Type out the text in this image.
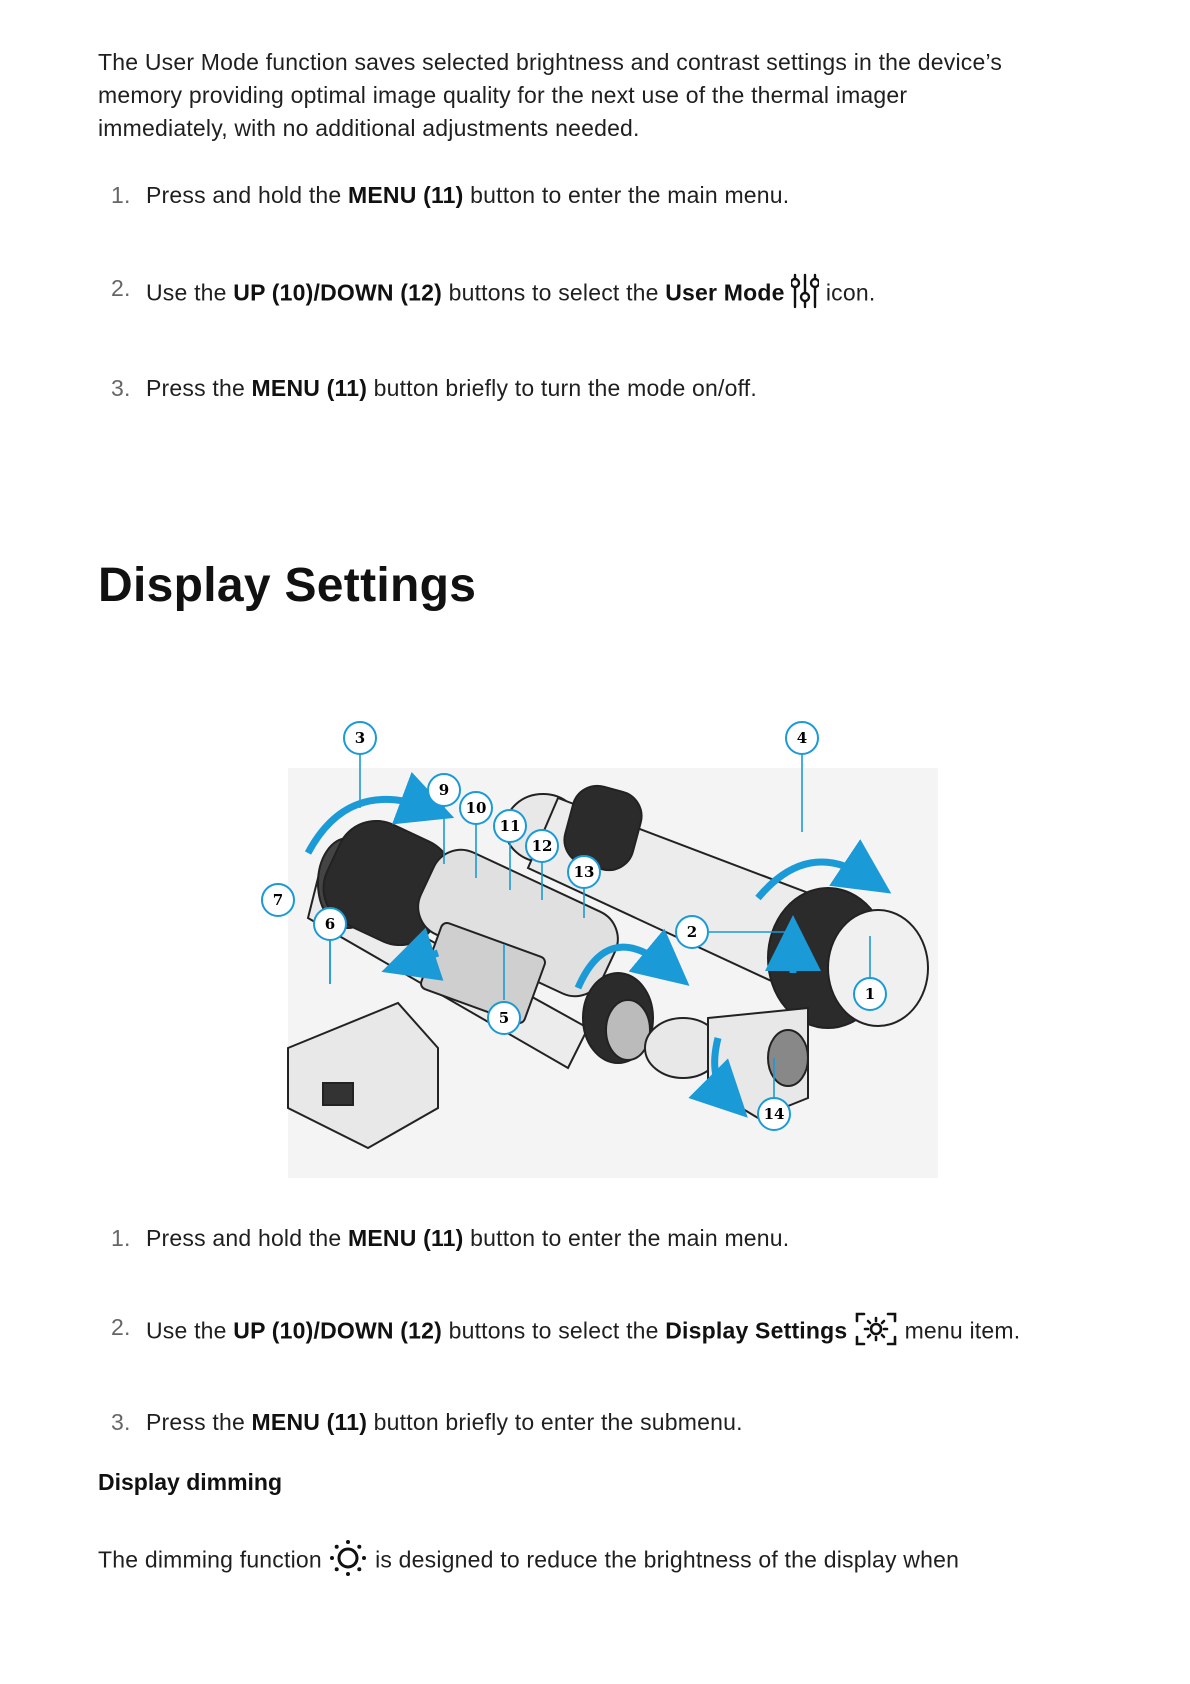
The User Mode function saves selected brightness and contrast settings in the device’s

memory providing optimal image quality for the next use of the thermal imager

immediately, with no additional adjustments needed.

1. Press and hold the MENU (11) button to enter the main menu.
2. Use the UP (10)/DOWN (12) buttons to select the User Mode  icon.
3. Press the MENU (11) button briefly to turn the mode on/off.
Display Settings
3
9
10
11
12
13
4
2
1
5
6
7
14
1. Press and hold the MENU (11) button to enter the main menu.
2. Use the UP (10)/DOWN (12) buttons to select the Display Settings  menu item.
3. Press the MENU (11) button briefly to enter the submenu.

Display dimming

The dimming function  is designed to reduce the brightness of the display when
